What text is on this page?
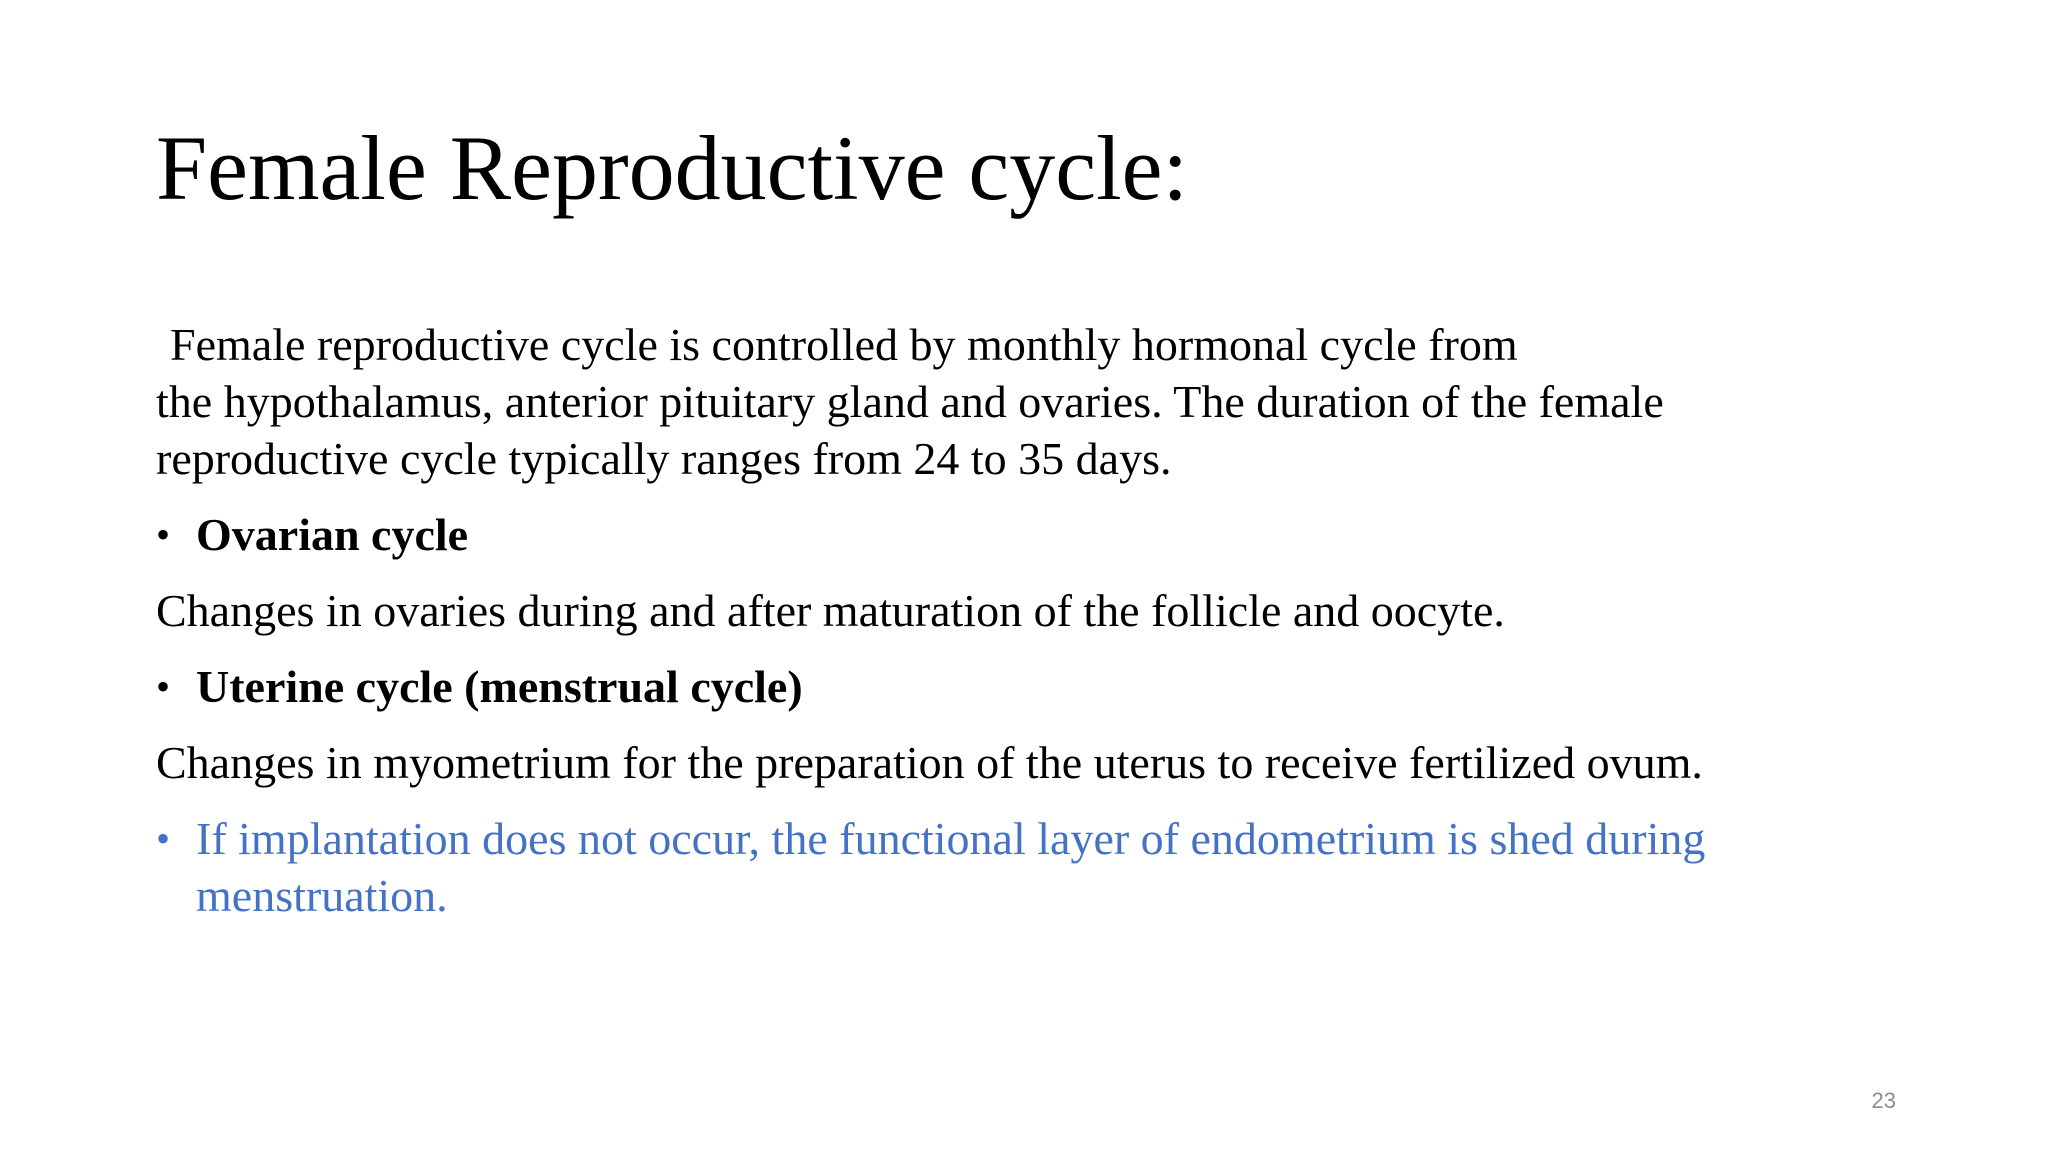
Female Reproductive cycle:

Female reproductive cycle is controlled by monthly hormonal cycle from
the hypothalamus, anterior pituitary gland and ovaries. The duration of the female
reproductive cycle typically ranges from 24 to 35 days.

• Ovarian cycle

Changes in ovaries during and after maturation of the follicle and oocyte.

• Uterine cycle (menstrual cycle)

Changes in myometrium for the preparation of the uterus to receive fertilized ovum.

• If implantation does not occur, the functional layer of endometrium is shed during menstruation.
23
